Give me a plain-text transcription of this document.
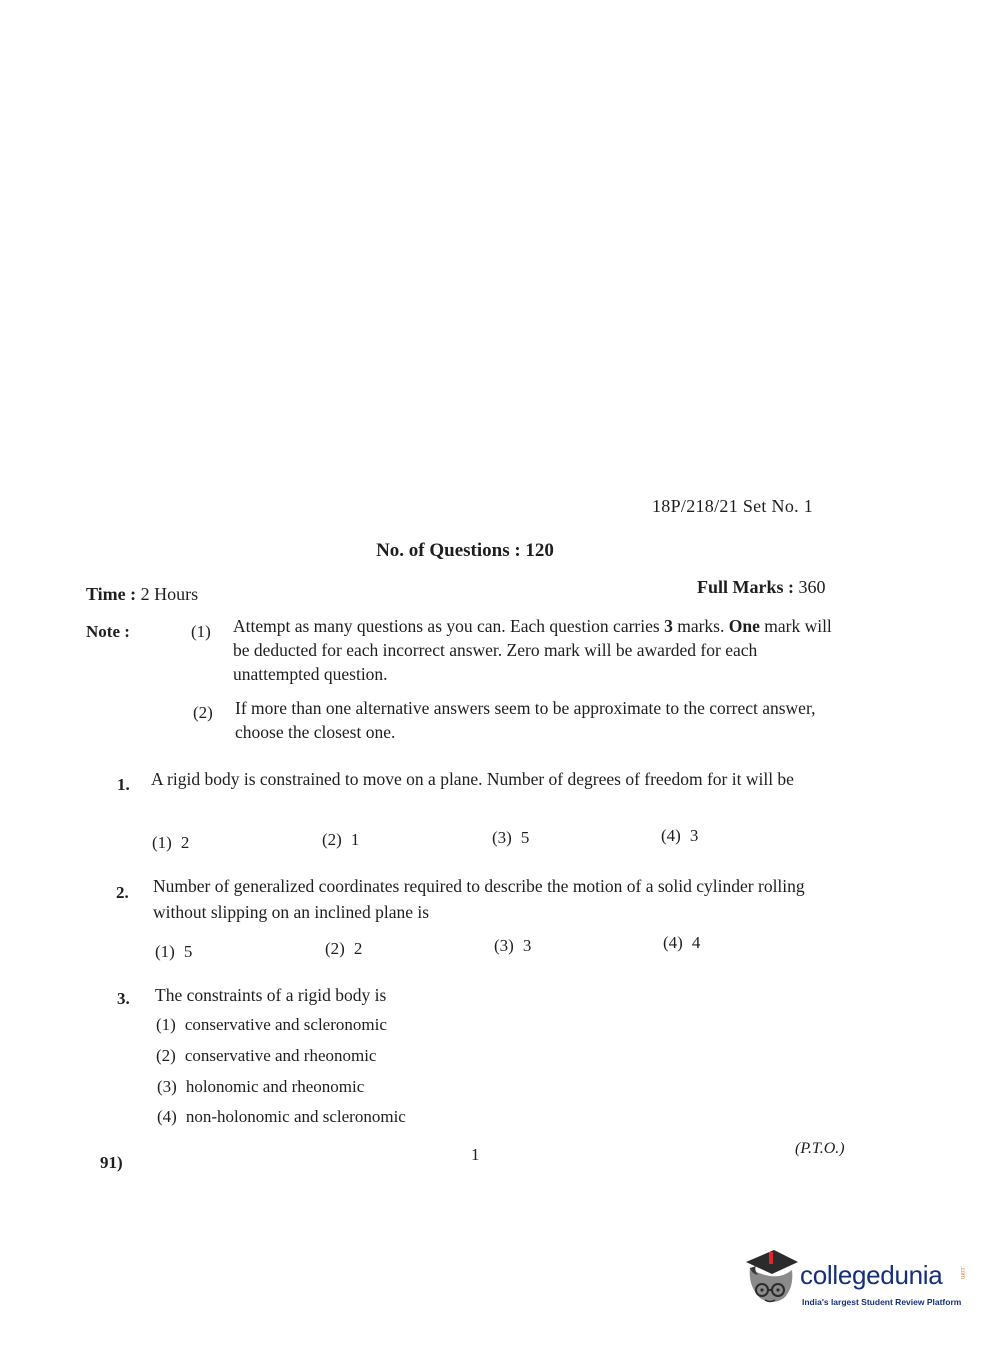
18P/218/21 Set No. 1
No. of Questions : 120
Time : 2 Hours	Full Marks : 360
Note :	(1) Attempt as many questions as you can. Each question carries 3 marks. One mark will be deducted for each incorrect answer. Zero mark will be awarded for each unattempted question.
(2) If more than one alternative answers seem to be approximate to the correct answer, choose the closest one.
1. A rigid body is constrained to move on a plane. Number of degrees of freedom for it will be
(1) 2	(2) 1	(3) 5	(4) 3
2. Number of generalized coordinates required to describe the motion of a solid cylinder rolling without slipping on an inclined plane is
(1) 5	(2) 2	(3) 3	(4) 4
3. The constraints of a rigid body is
(1) conservative and scleronomic
(2) conservative and rheonomic
(3) holonomic and rheonomic
(4) non-holonomic and scleronomic
91)	1	(P.T.O.)
collegedunia	.com
India's largest Student Review Platform
